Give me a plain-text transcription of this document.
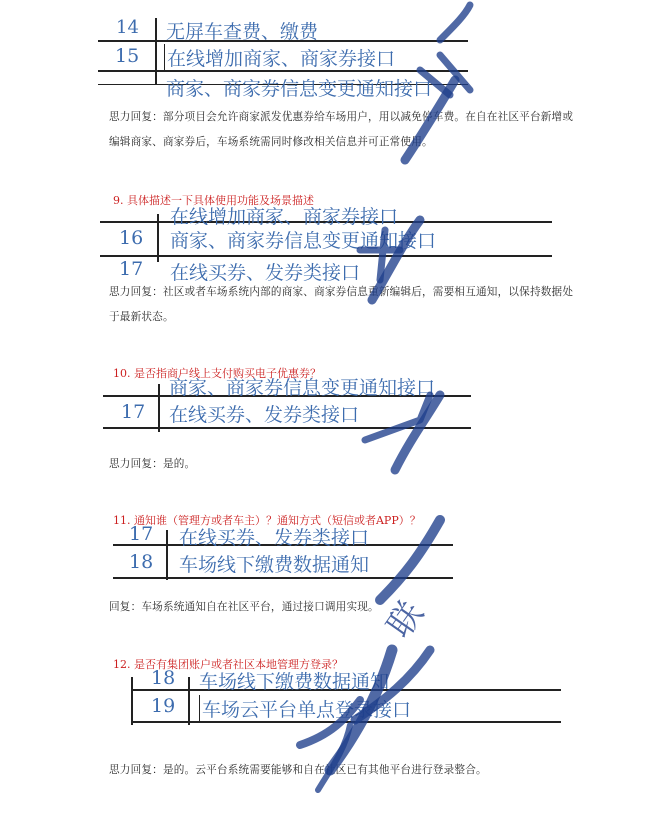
14 无屏车查费、缴费
15 在线增加商家、商家券接口
商家、商家券信息变更通知接口
思力回复：部分项目会允许商家派发优惠券给车场用户，用以减免停车费。在自在社区平台新增或编辑商家、商家券后，车场系统需同时修改相关信息并可正常使用。
9. 具体描述一下具体使用功能及场景描述
在线增加商家、商家券接口
16 商家、商家券信息变更通知接口
17 在线买券、发券类接口
思力回复：社区或者车场系统内部的商家、商家券信息重新编辑后，需要相互通知，以保持数据处于最新状态。
10. 是否指商户线上支付购买电子优惠券？
商家、商家券信息变更通知接口
17 在线买券、发券类接口
思力回复：是的。
11. 通知谁（管理方或者车主）？通知方式（短信或者APP）？
17 在线买券、发券类接口
18 车场线下缴费数据通知
回复：车场系统通知自在社区平台，通过接口调用实现。
12. 是否有集团账户或者社区本地管理方登录？
18 车场线下缴费数据通知
19 车场云平台单点登录接口
思力回复：是的。云平台系统需要能够和自在社区已有其他平台进行登录整合。
联
